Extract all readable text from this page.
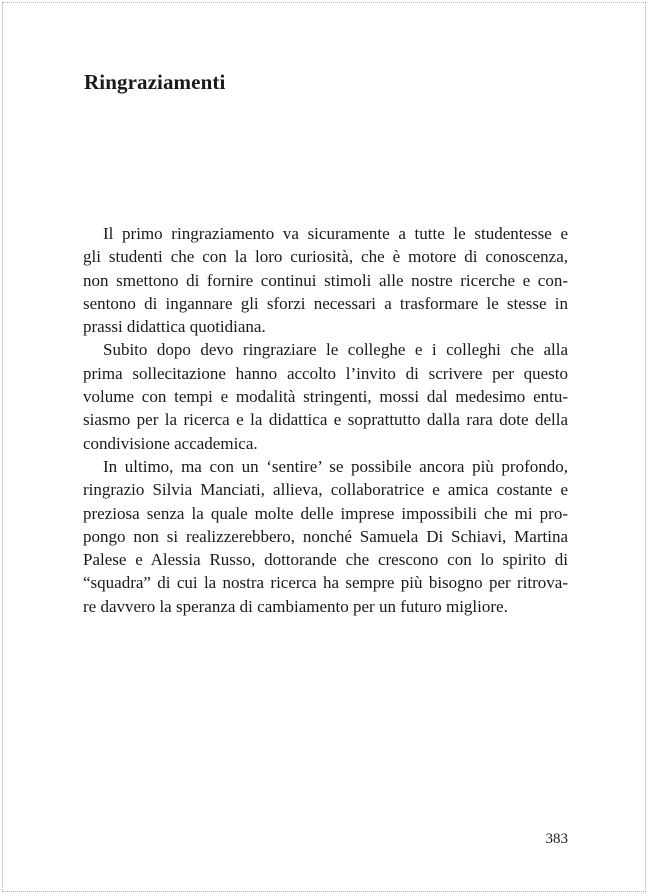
Ringraziamenti
Il primo ringraziamento va sicuramente a tutte le studentesse e
gli studenti che con la loro curiosità, che è motore di conoscenza,
non smettono di fornire continui stimoli alle nostre ricerche e con-
sentono di ingannare gli sforzi necessari a trasformare le stesse in
prassi didattica quotidiana.
Subito dopo devo ringraziare le colleghe e i colleghi che alla
prima sollecitazione hanno accolto l’invito di scrivere per questo
volume con tempi e modalità stringenti, mossi dal medesimo entu-
siasmo per la ricerca e la didattica e soprattutto dalla rara dote della
condivisione accademica.
In ultimo, ma con un ‘sentire’ se possibile ancora più profondo,
ringrazio Silvia Manciati, allieva, collaboratrice e amica costante e
preziosa senza la quale molte delle imprese impossibili che mi pro-
pongo non si realizzerebbero, nonché Samuela Di Schiavi, Martina
Palese e Alessia Russo, dottorande che crescono con lo spirito di
“squadra” di cui la nostra ricerca ha sempre più bisogno per ritrova-
re davvero la speranza di cambiamento per un futuro migliore.
383
